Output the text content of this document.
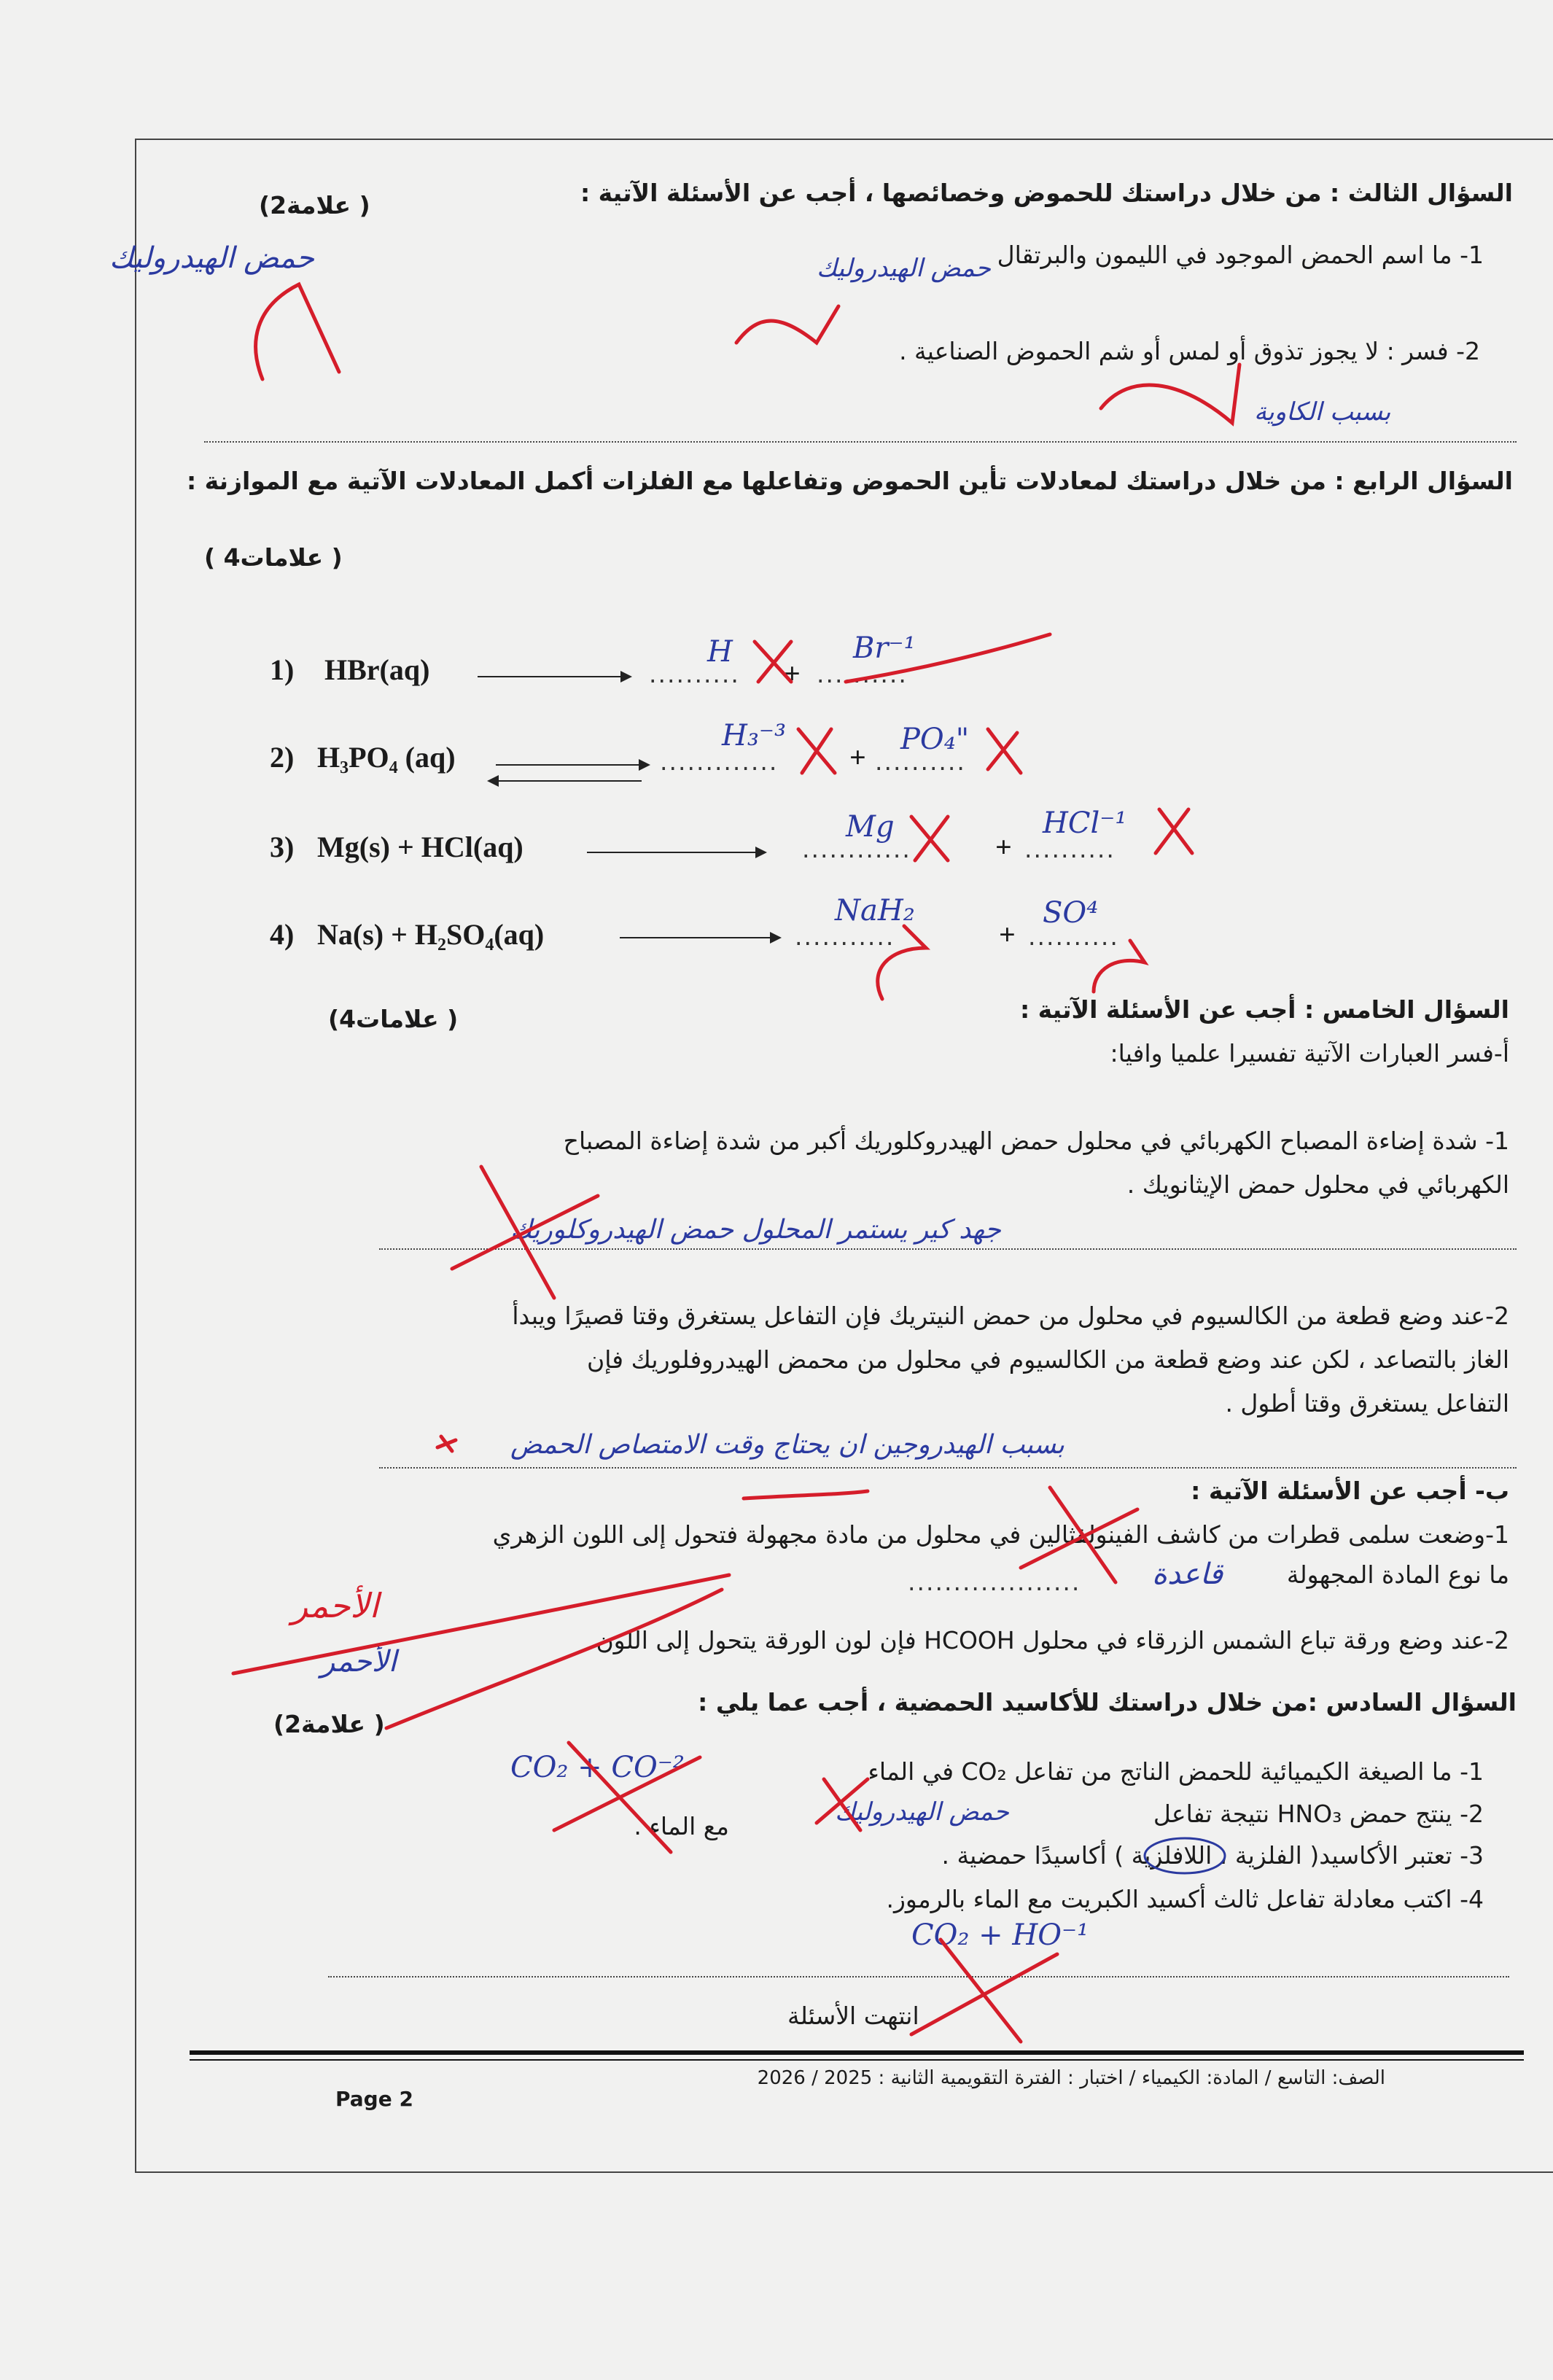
السؤال الثالث : من خلال دراستك للحموض وخصائصها ، أجب عن الأسئلة الآتية :
(2علامة )
1- ما اسم الحمض الموجود في الليمون والبرتقال
حمض الهيدروليك	حمض الهيدروليك
2- فسر : لا يجوز تذوق أو لمس أو شم الحموض الصناعية .
بسبب الكاوية
السؤال الرابع : من خلال دراستك لمعادلات تأين الحموض وتفاعلها مع الفلزات أكمل المعادلات الآتية مع الموازنة :
( 4علامات )
1) HBr(aq)	..........
H
+ ..........
Br⁻¹
2) H₃PO₄ (aq)	.............
H₃⁻³
+ ..........
PO₄"
3) Mg(s) + HCl(aq)	............
Mg
+ ..........
HCl⁻¹
4) Na(s) + H₂SO₄(aq)	...........
NaH₂
+ ..........
SO⁴
السؤال الخامس : أجب عن الأسئلة الآتية :
(4علامات )
أ-فسر العبارات الآتية تفسيرا علميا وافيا:
1- شدة إضاءة المصباح الكهربائي في محلول حمض الهيدروكلوريك أكبر من شدة إضاءة المصباح
الكهربائي في محلول حمض الإيثانويك .
جهد كير يستمر المحلول حمض الهيدروكلوريك
2-عند وضع قطعة من الكالسيوم في محلول من حمض النيتريك فإن التفاعل يستغرق وقتا قصيرًا ويبدأ
الغاز بالتصاعد ، لكن عند وضع قطعة من الكالسيوم في محلول من محمض الهيدروفلوريك فإن
التفاعل يستغرق وقتا أطول .
بسبب الهيدروجين ان يحتاج وقت الامتصاص الحمض
ب- أجب عن الأسئلة الآتية :
1-وضعت سلمى قطرات من كاشف الفينولفثالين في محلول من مادة مجهولة فتحول إلى اللون الزهري
ما نوع المادة المجهولة
................... قاعدة
2-عند وضع ورقة تباع الشمس الزرقاء في محلول HCOOH فإن لون الورقة يتحول إلى اللون
الأحمر
الأحمر
السؤال السادس :من خلال دراستك للأكاسيد الحمضية ، أجب عما يلي :
(2علامة )
1- ما الصيغة الكيميائية للحمض الناتج من تفاعل CO₂ في الماء
CO₂ + CO⁻²
2- ينتج حمض HNO₃ نتيجة تفاعل
مع الماء .	حمض الهيدروليك
3- تعتبر الأكاسيد( الفلزية ، اللافلزية ) أكاسيدًا حمضية .
4- اكتب معادلة تفاعل ثالث أكسيد الكبريت مع الماء بالرموز.
CO₂ + HO⁻¹
انتهت الأسئلة
Page 2
الصف: التاسع / المادة: الكيمياء / اختبار : الفترة التقويمية الثانية : 2025 / 2026
